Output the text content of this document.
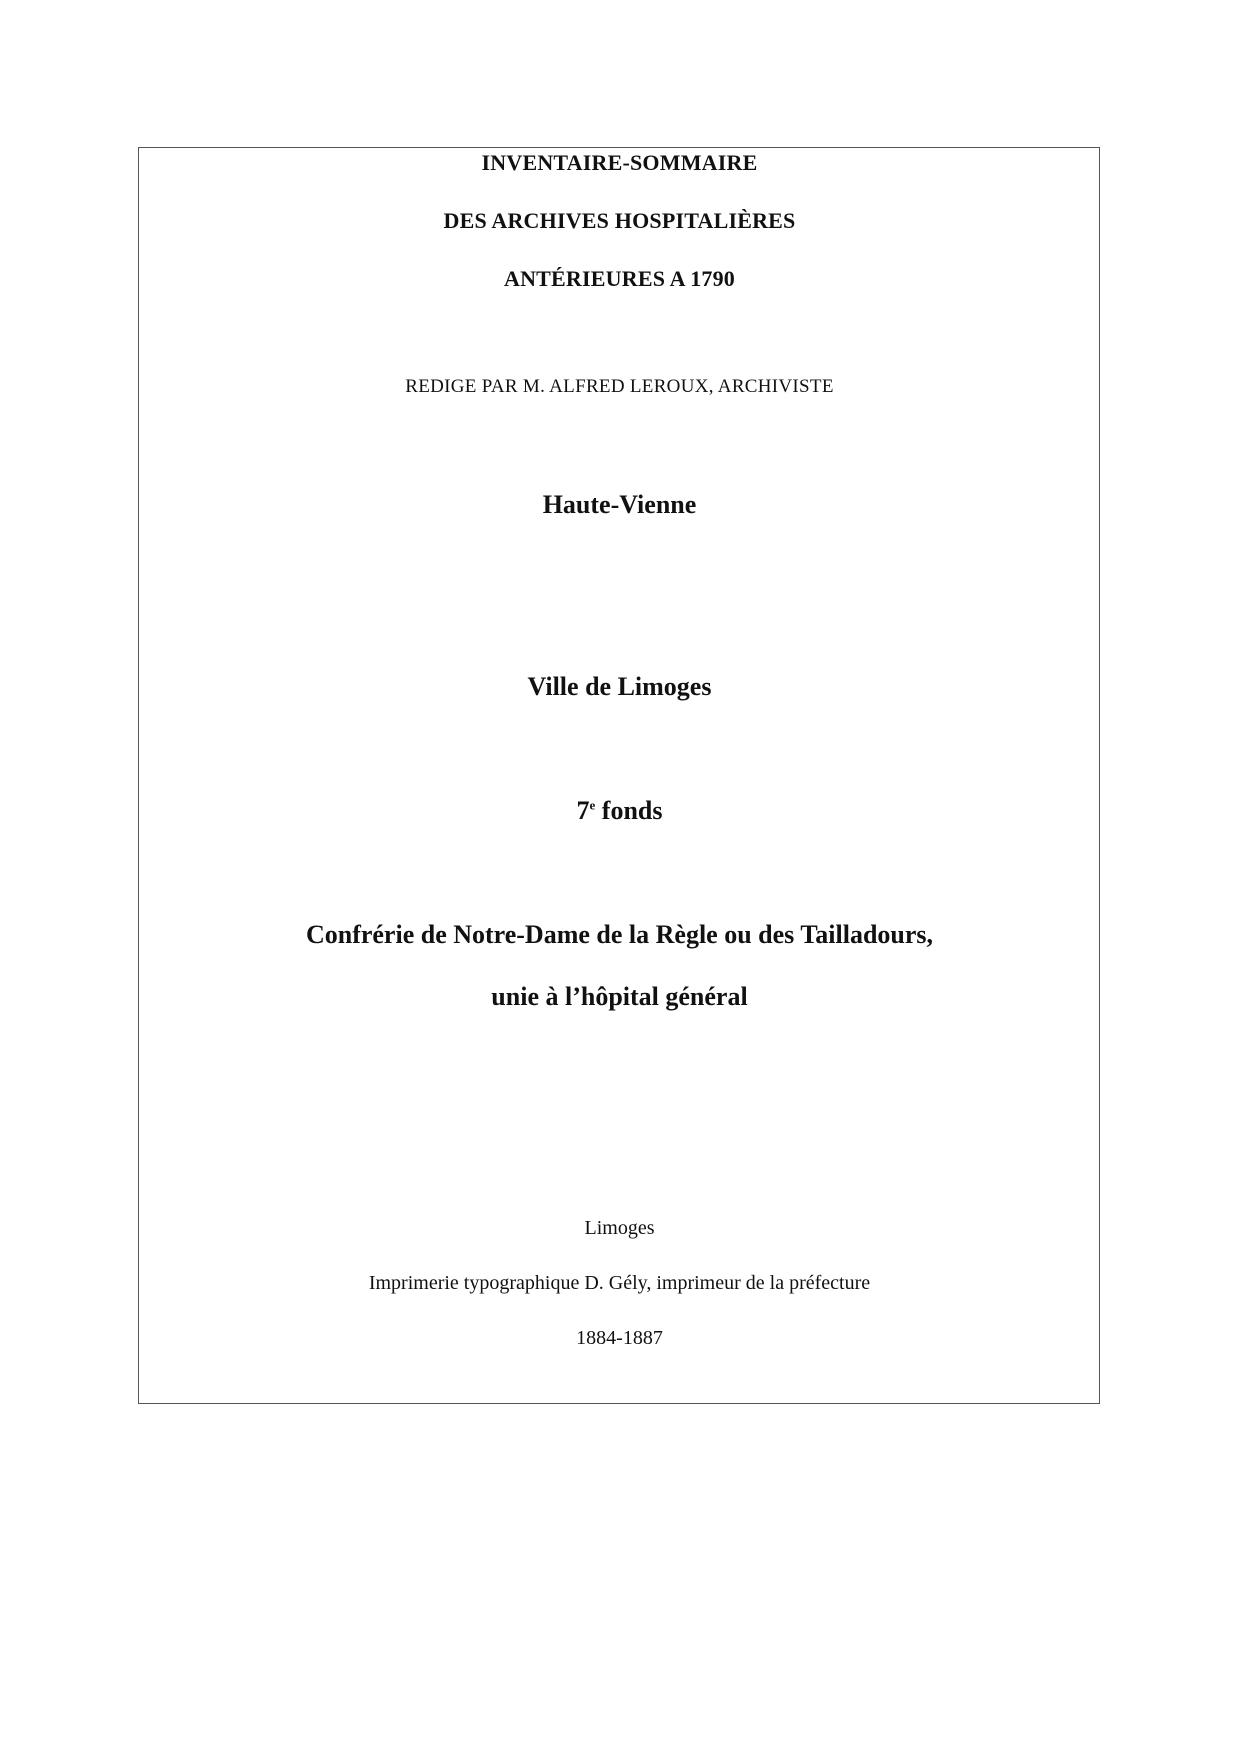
INVENTAIRE-SOMMAIRE
DES ARCHIVES HOSPITALIÈRES
ANTÉRIEURES A 1790
REDIGE PAR M. ALFRED LEROUX, ARCHIVISTE
Haute-Vienne
Ville de Limoges
7e fonds
Confrérie de Notre-Dame de la Règle ou des Tailladours,
unie à l’hôpital général
Limoges
Imprimerie typographique D. Gély, imprimeur de la préfecture
1884-1887
